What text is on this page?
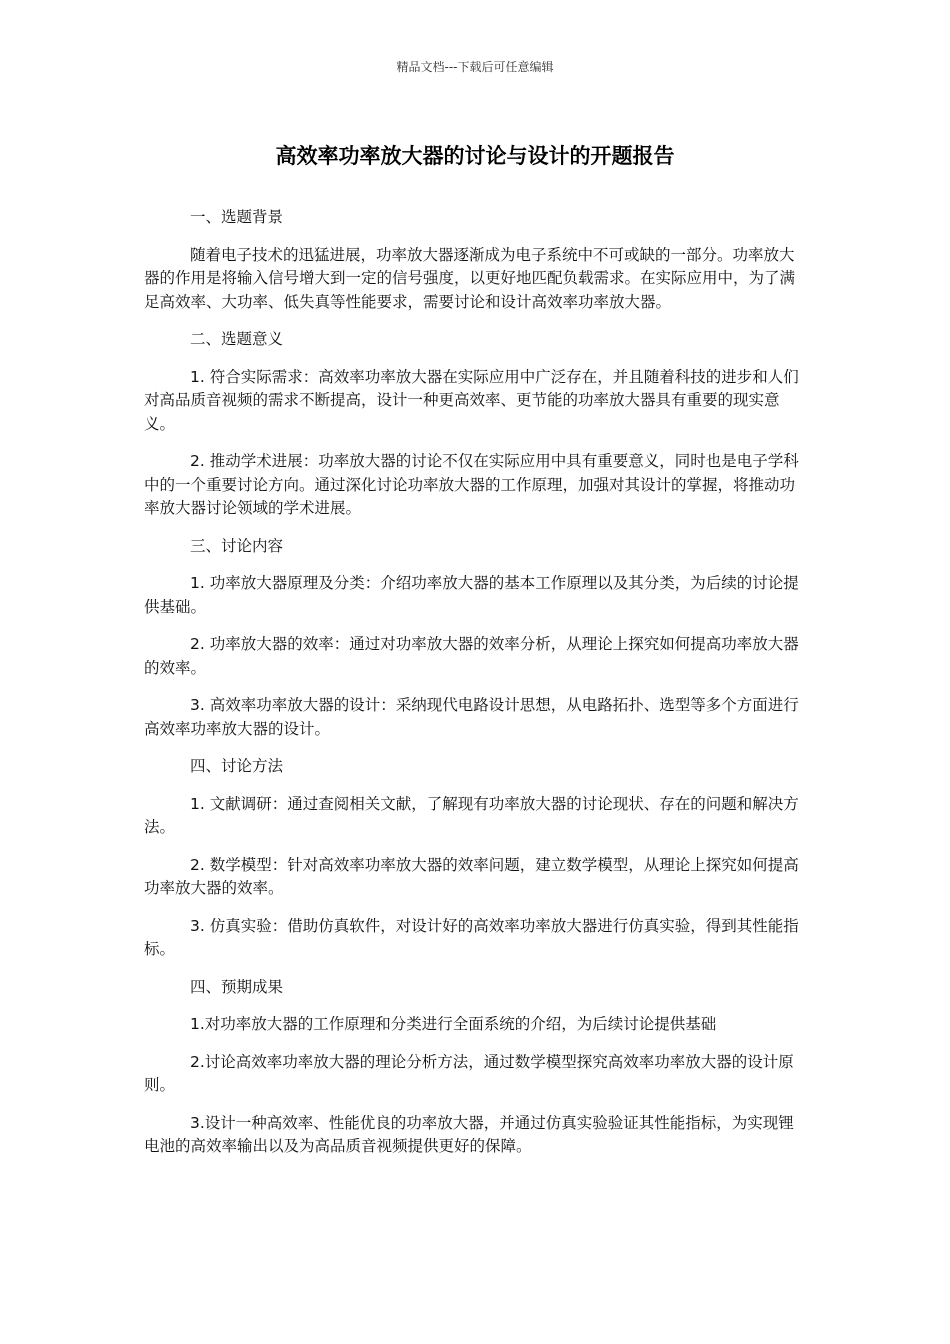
精品文档---下载后可任意编辑
高效率功率放大器的讨论与设计的开题报告

一、选题背景

随着电子技术的迅猛进展，功率放大器逐渐成为电子系统中不可或缺的一部分。功率放大器的作用是将输入信号增大到一定的信号强度，以更好地匹配负载需求。在实际应用中，为了满足高效率、大功率、低失真等性能要求，需要讨论和设计高效率功率放大器。

二、选题意义

1. 符合实际需求：高效率功率放大器在实际应用中广泛存在，并且随着科技的进步和人们对高品质音视频的需求不断提高，设计一种更高效率、更节能的功率放大器具有重要的现实意义。

2. 推动学术进展：功率放大器的讨论不仅在实际应用中具有重要意义，同时也是电子学科中的一个重要讨论方向。通过深化讨论功率放大器的工作原理，加强对其设计的掌握，将推动功率放大器讨论领域的学术进展。

三、讨论内容

1. 功率放大器原理及分类：介绍功率放大器的基本工作原理以及其分类，为后续的讨论提供基础。

2. 功率放大器的效率：通过对功率放大器的效率分析，从理论上探究如何提高功率放大器的效率。

3. 高效率功率放大器的设计：采纳现代电路设计思想，从电路拓扑、选型等多个方面进行高效率功率放大器的设计。

四、讨论方法

1. 文献调研：通过查阅相关文献，了解现有功率放大器的讨论现状、存在的问题和解决方法。

2. 数学模型：针对高效率功率放大器的效率问题，建立数学模型，从理论上探究如何提高功率放大器的效率。

3. 仿真实验：借助仿真软件，对设计好的高效率功率放大器进行仿真实验，得到其性能指标。

四、预期成果

1.对功率放大器的工作原理和分类进行全面系统的介绍，为后续讨论提供基础

2.讨论高效率功率放大器的理论分析方法，通过数学模型探究高效率功率放大器的设计原则。

3.设计一种高效率、性能优良的功率放大器，并通过仿真实验验证其性能指标，为实现锂电池的高效率输出以及为高品质音视频提供更好的保障。
